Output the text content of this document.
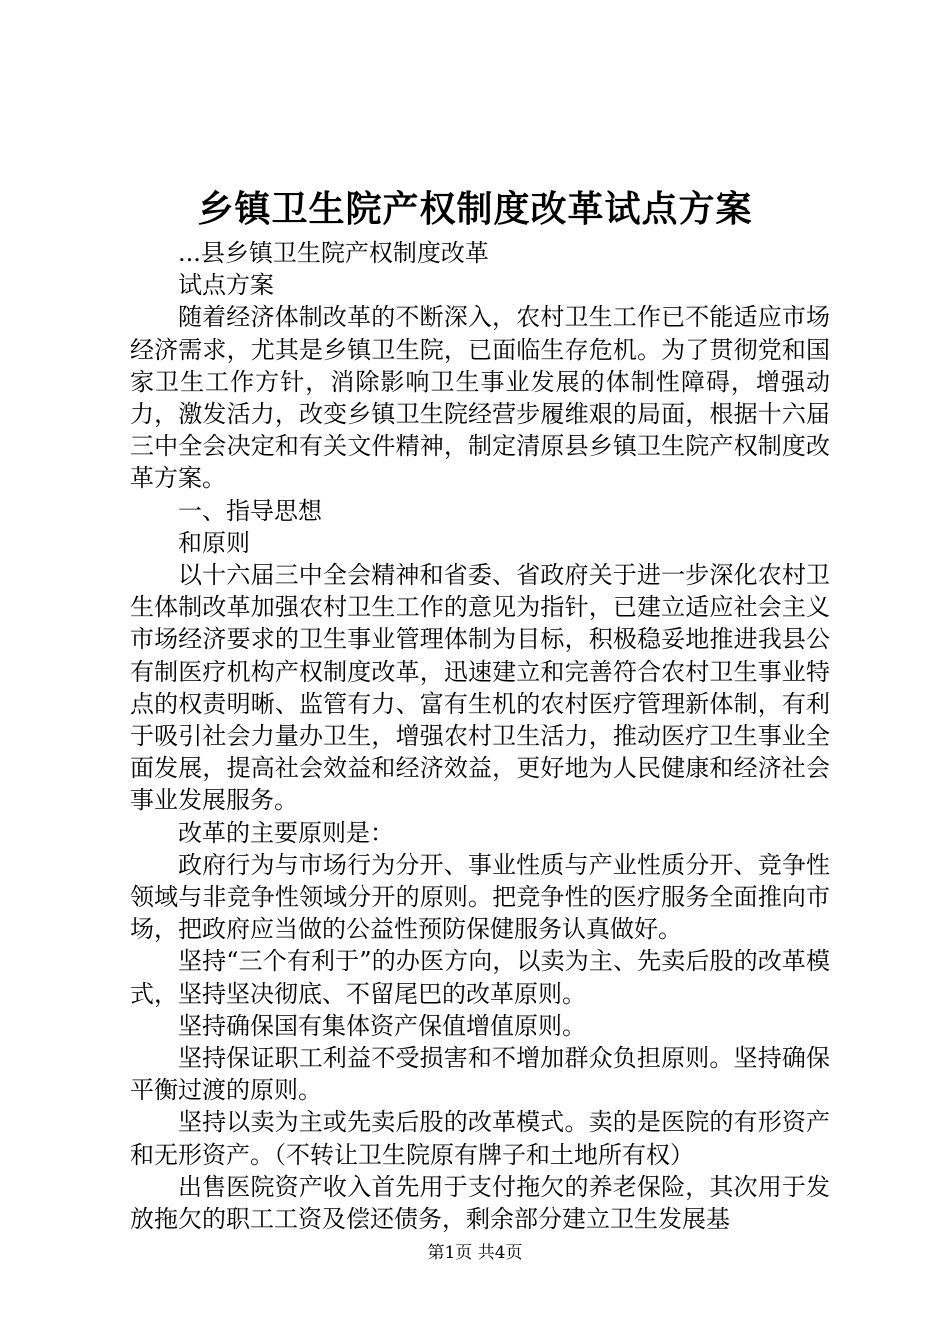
乡镇卫生院产权制度改革试点方案

...县乡镇卫生院产权制度改革

试点方案

随着经济体制改革的不断深入，农村卫生工作已不能适应市场经济需求，尤其是乡镇卫生院，已面临生存危机。为了贯彻党和国家卫生工作方针，消除影响卫生事业发展的体制性障碍，增强动力，激发活力，改变乡镇卫生院经营步履维艰的局面，根据十六届三中全会决定和有关文件精神，制定清原县乡镇卫生院产权制度改革方案。

一、指导思想

和原则

以十六届三中全会精神和省委、省政府关于进一步深化农村卫生体制改革加强农村卫生工作的意见为指针，已建立适应社会主义市场经济要求的卫生事业管理体制为目标，积极稳妥地推进我县公有制医疗机构产权制度改革，迅速建立和完善符合农村卫生事业特点的权责明晰、监管有力、富有生机的农村医疗管理新体制，有利于吸引社会力量办卫生，增强农村卫生活力，推动医疗卫生事业全面发展，提高社会效益和经济效益，更好地为人民健康和经济社会事业发展服务。

改革的主要原则是：

政府行为与市场行为分开、事业性质与产业性质分开、竞争性领域与非竞争性领域分开的原则。把竞争性的医疗服务全面推向市场，把政府应当做的公益性预防保健服务认真做好。

坚持“三个有利于”的办医方向，以卖为主、先卖后股的改革模式，坚持坚决彻底、不留尾巴的改革原则。

坚持确保国有集体资产保值增值原则。

坚持保证职工利益不受损害和不增加群众负担原则。坚持确保平衡过渡的原则。

坚持以卖为主或先卖后股的改革模式。卖的是医院的有形资产和无形资产。（不转让卫生院原有牌子和土地所有权）

出售医院资产收入首先用于支付拖欠的养老保险，其次用于发放拖欠的职工工资及偿还债务，剩余部分建立卫生发展基

第1页 共4页
